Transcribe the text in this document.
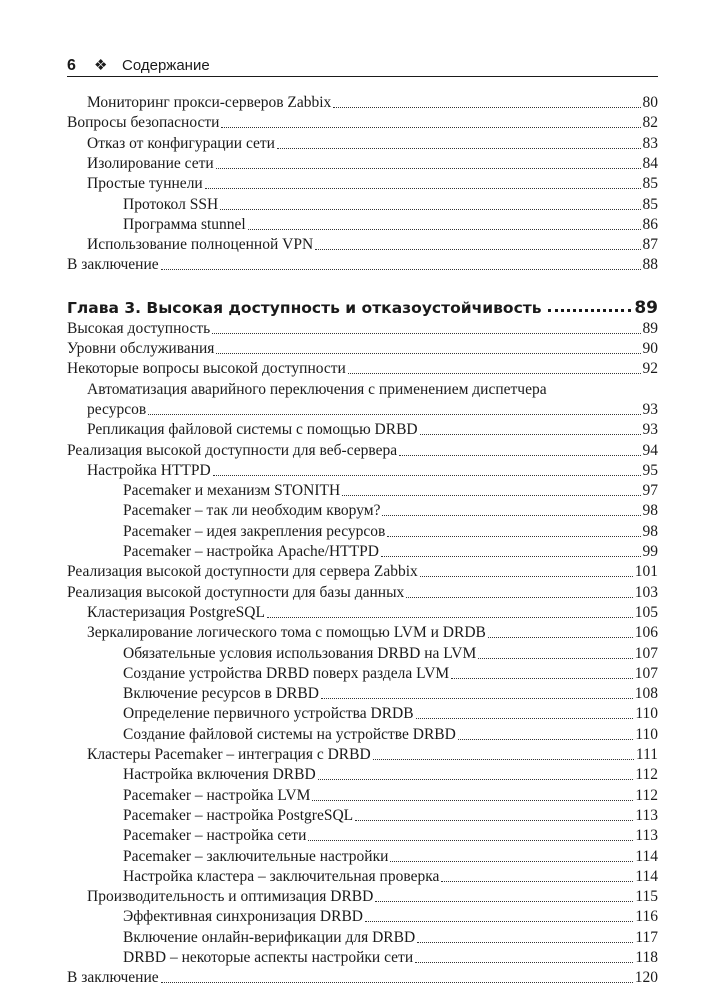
6 ❖ Содержание
Мониторинг прокси-серверов Zabbix	80
Вопросы безопасности	82
Отказ от конфигурации сети	83
Изолирование сети	84
Простые туннели	85
Протокол SSH	85
Программа stunnel	86
Использование полноценной VPN	87
В заключение	88
Глава 3. Высокая доступность и отказоустойчивость	89
Высокая доступность	89
Уровни обслуживания	90
Некоторые вопросы высокой доступности	92
Автоматизация аварийного переключения с применением диспетчера
ресурсов	93
Репликация файловой системы с помощью DRBD	93
Реализация высокой доступности для веб-сервера	94
Настройка HTTPD	95
Pacemaker и механизм STONITH	97
Pacemaker – так ли необходим кворум?	98
Pacemaker – идея закрепления ресурсов	98
Pacemaker – настройка Apache/HTTPD	99
Реализация высокой доступности для сервера Zabbix	101
Реализация высокой доступности для базы данных	103
Кластеризация PostgreSQL	105
Зеркалирование логического тома с помощью LVM и DRDB	106
Обязательные условия использования DRBD на LVM	107
Создание устройства DRBD поверх раздела LVM	107
Включение ресурсов в DRBD	108
Определение первичного устройства DRDB	110
Создание файловой системы на устройстве DRBD	110
Кластеры Pacemaker – интеграция с DRBD	111
Настройка включения DRBD	112
Pacemaker – настройка LVM	112
Pacemaker – настройка PostgreSQL	113
Pacemaker – настройка сети	113
Pacemaker – заключительные настройки	114
Настройка кластера – заключительная проверка	114
Производительность и оптимизация DRBD	115
Эффективная синхронизация DRBD	116
Включение онлайн-верификации для DRBD	117
DRBD – некоторые аспекты настройки сети	118
В заключение	120
